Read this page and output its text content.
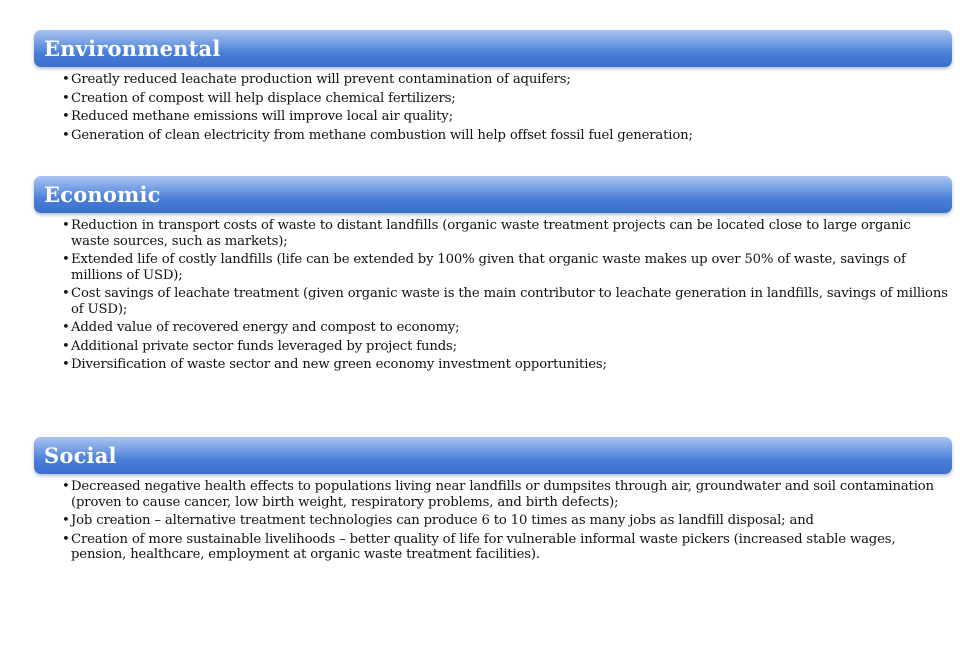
Environmental
• Greatly reduced leachate production will prevent contamination of aquifers;
• Creation of compost will help displace chemical fertilizers;
• Reduced methane emissions will improve local air quality;
• Generation of clean electricity from methane combustion will help offset fossil fuel generation;
Economic
• Reduction in transport costs of waste to distant landfills (organic waste treatment projects can be located close to large organic waste sources, such as markets);
• Extended life of costly landfills (life can be extended by 100% given that organic waste makes up over 50% of waste, savings of millions of USD);
• Cost savings of leachate treatment (given organic waste is the main contributor to leachate generation in landfills, savings of millions of USD);
• Added value of recovered energy and compost to economy;
• Additional private sector funds leveraged by project funds;
• Diversification of waste sector and new green economy investment opportunities;
Social
• Decreased negative health effects to populations living near landfills or dumpsites through air, groundwater and soil contamination (proven to cause cancer, low birth weight, respiratory problems, and birth defects);
• Job creation – alternative treatment technologies can produce 6 to 10 times as many jobs as landfill disposal; and
• Creation of more sustainable livelihoods – better quality of life for vulnerable informal waste pickers (increased stable wages, pension, healthcare, employment at organic waste treatment facilities).
